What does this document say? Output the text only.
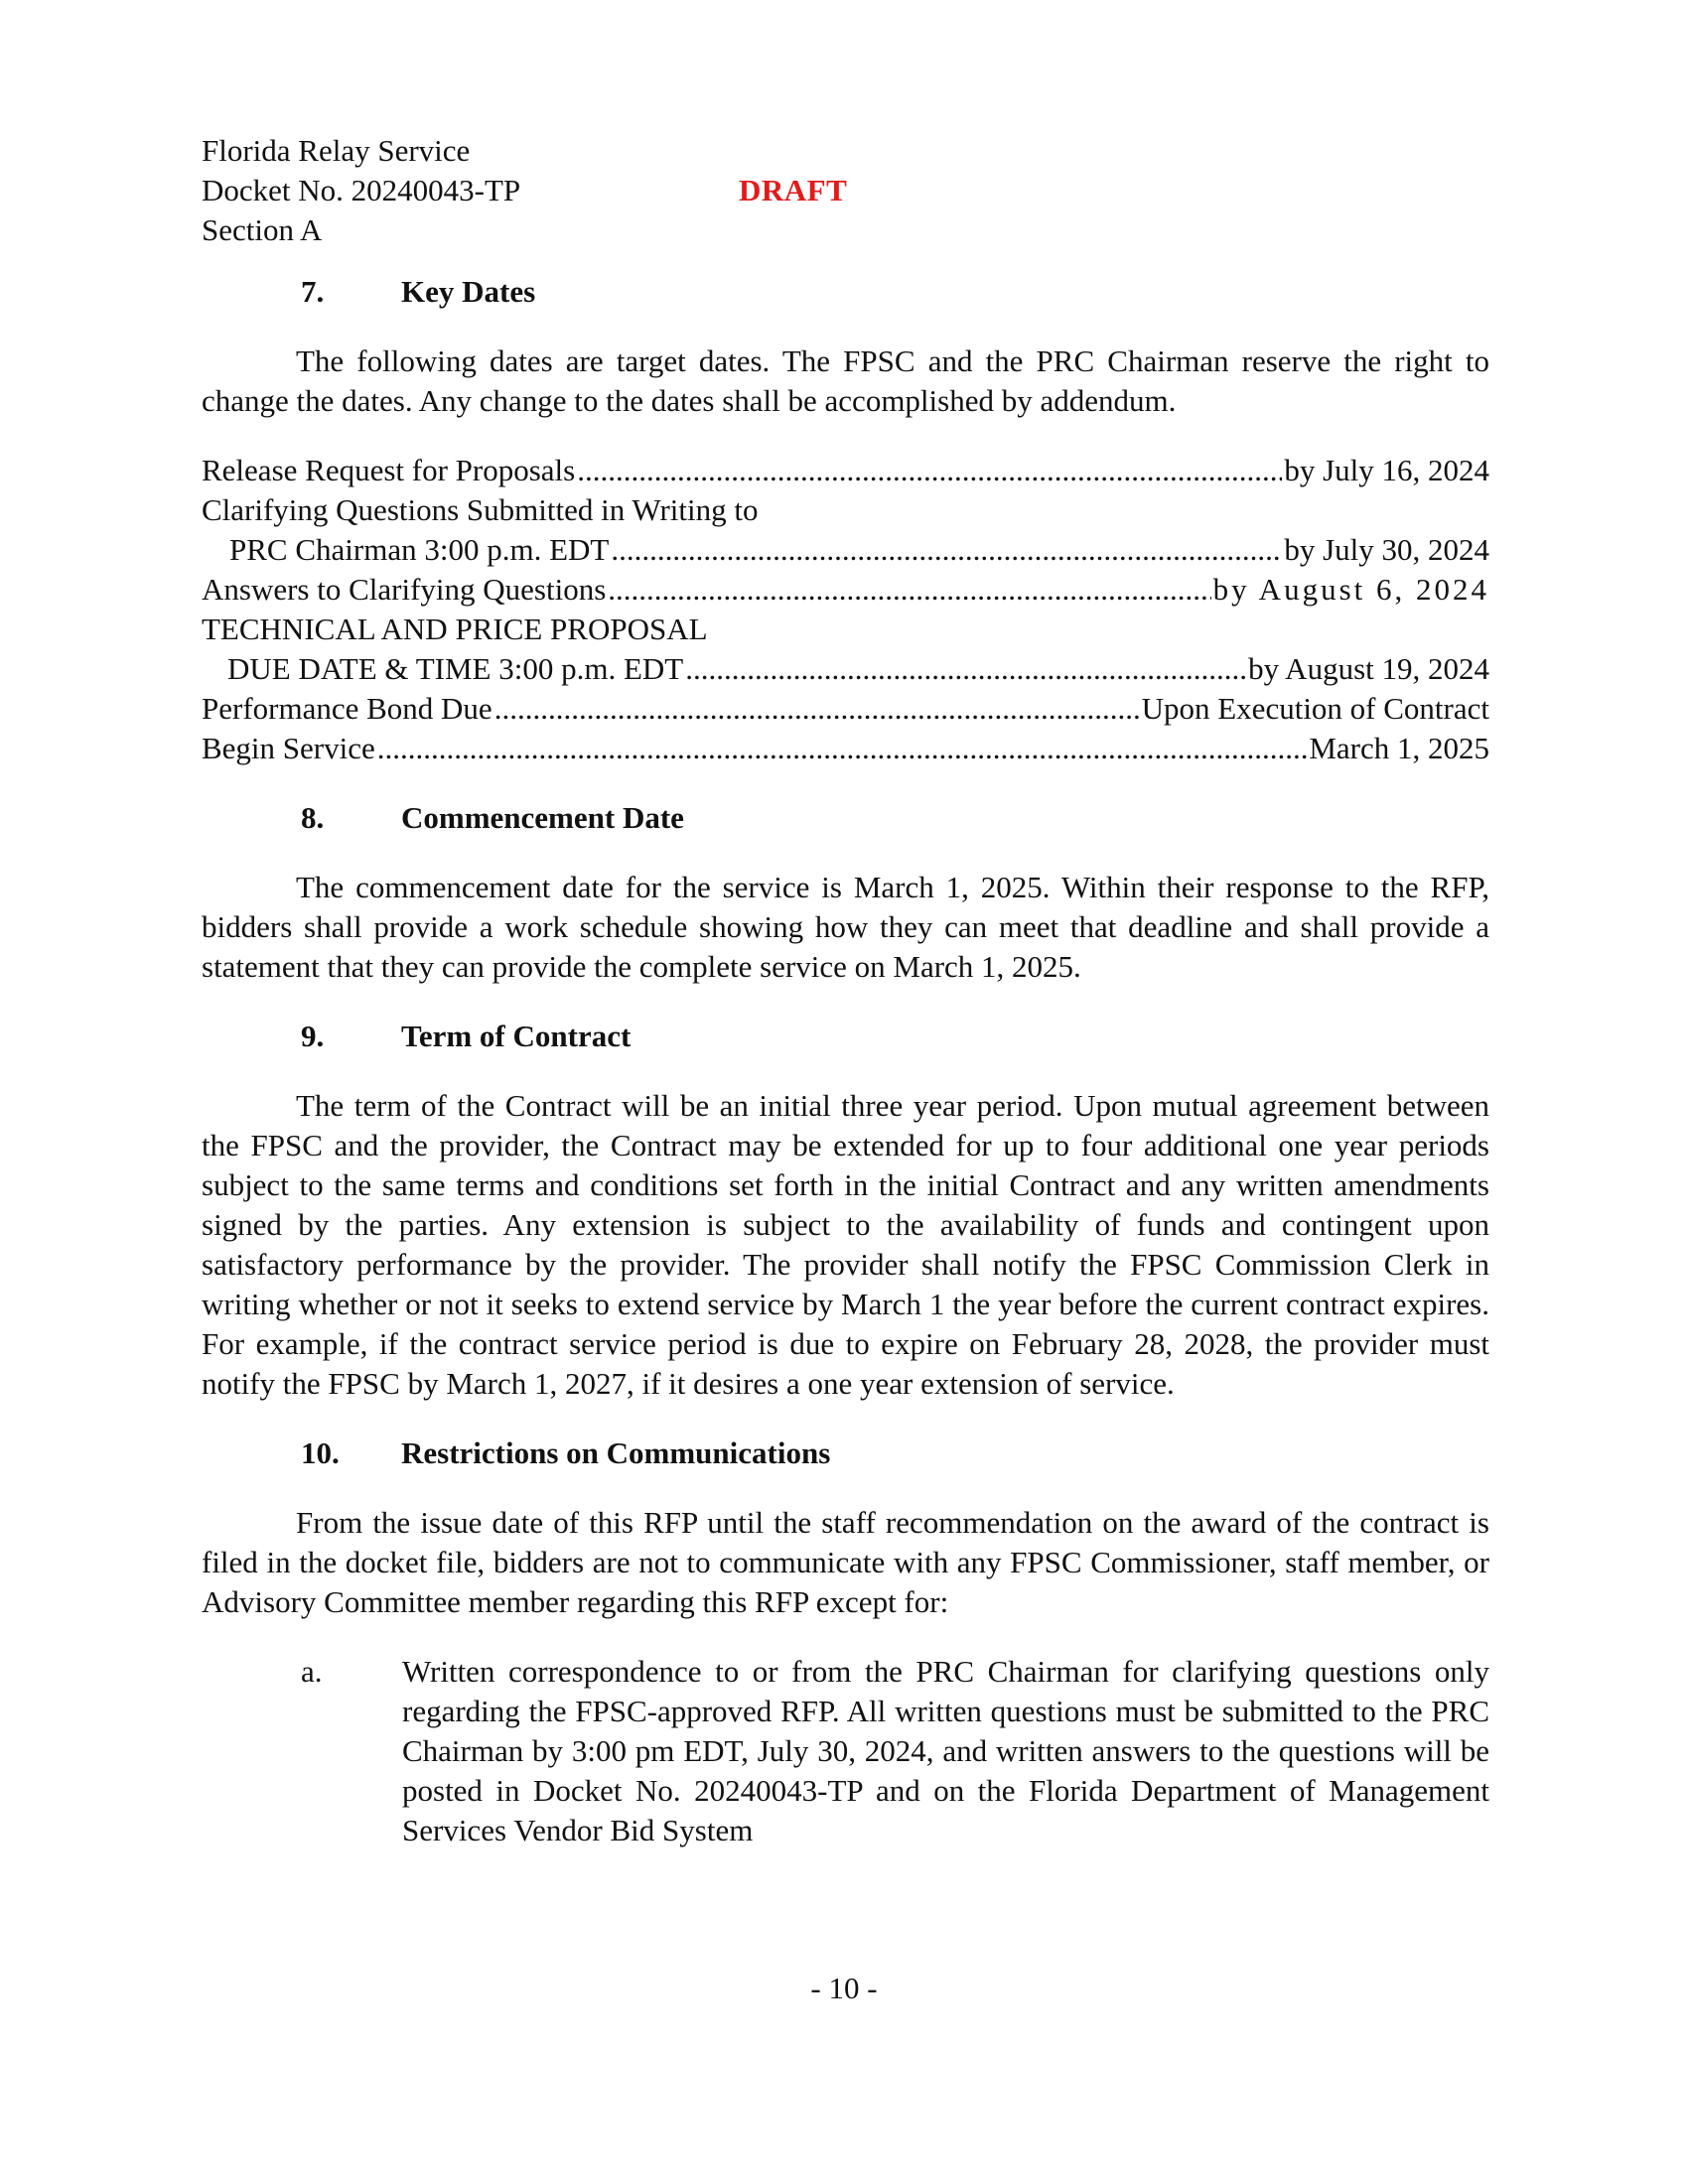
Florida Relay Service
Docket No. 20240043-TP
Section A
DRAFT
7.	Key Dates
The following dates are target dates. The FPSC and the PRC Chairman reserve the right to change the dates. Any change to the dates shall be accomplished by addendum.
Release Request for Proposals .....	by July 16, 2024
Clarifying Questions Submitted in Writing to
PRC Chairman 3:00 p.m. EDT .....	by July 30, 2024
Answers to Clarifying Questions .....	by August 6, 2024
TECHNICAL AND PRICE PROPOSAL
DUE DATE & TIME 3:00 p.m. EDT .....	by August 19, 2024
Performance Bond Due .....	Upon Execution of Contract
Begin Service .....	March 1, 2025
8.	Commencement Date
The commencement date for the service is March 1, 2025. Within their response to the RFP, bidders shall provide a work schedule showing how they can meet that deadline and shall provide a statement that they can provide the complete service on March 1, 2025.
9.	Term of Contract
The term of the Contract will be an initial three year period. Upon mutual agreement between the FPSC and the provider, the Contract may be extended for up to four additional one year periods subject to the same terms and conditions set forth in the initial Contract and any written amendments signed by the parties. Any extension is subject to the availability of funds and contingent upon satisfactory performance by the provider. The provider shall notify the FPSC Commission Clerk in writing whether or not it seeks to extend service by March 1 the year before the current contract expires. For example, if the contract service period is due to expire on February 28, 2028, the provider must notify the FPSC by March 1, 2027, if it desires a one year extension of service.
10.	Restrictions on Communications
From the issue date of this RFP until the staff recommendation on the award of the contract is filed in the docket file, bidders are not to communicate with any FPSC Commissioner, staff member, or Advisory Committee member regarding this RFP except for:
a.	Written correspondence to or from the PRC Chairman for clarifying questions only regarding the FPSC-approved RFP. All written questions must be submitted to the PRC Chairman by 3:00 pm EDT, July 30, 2024, and written answers to the questions will be posted in Docket No. 20240043-TP and on the Florida Department of Management Services Vendor Bid System
- 10 -
